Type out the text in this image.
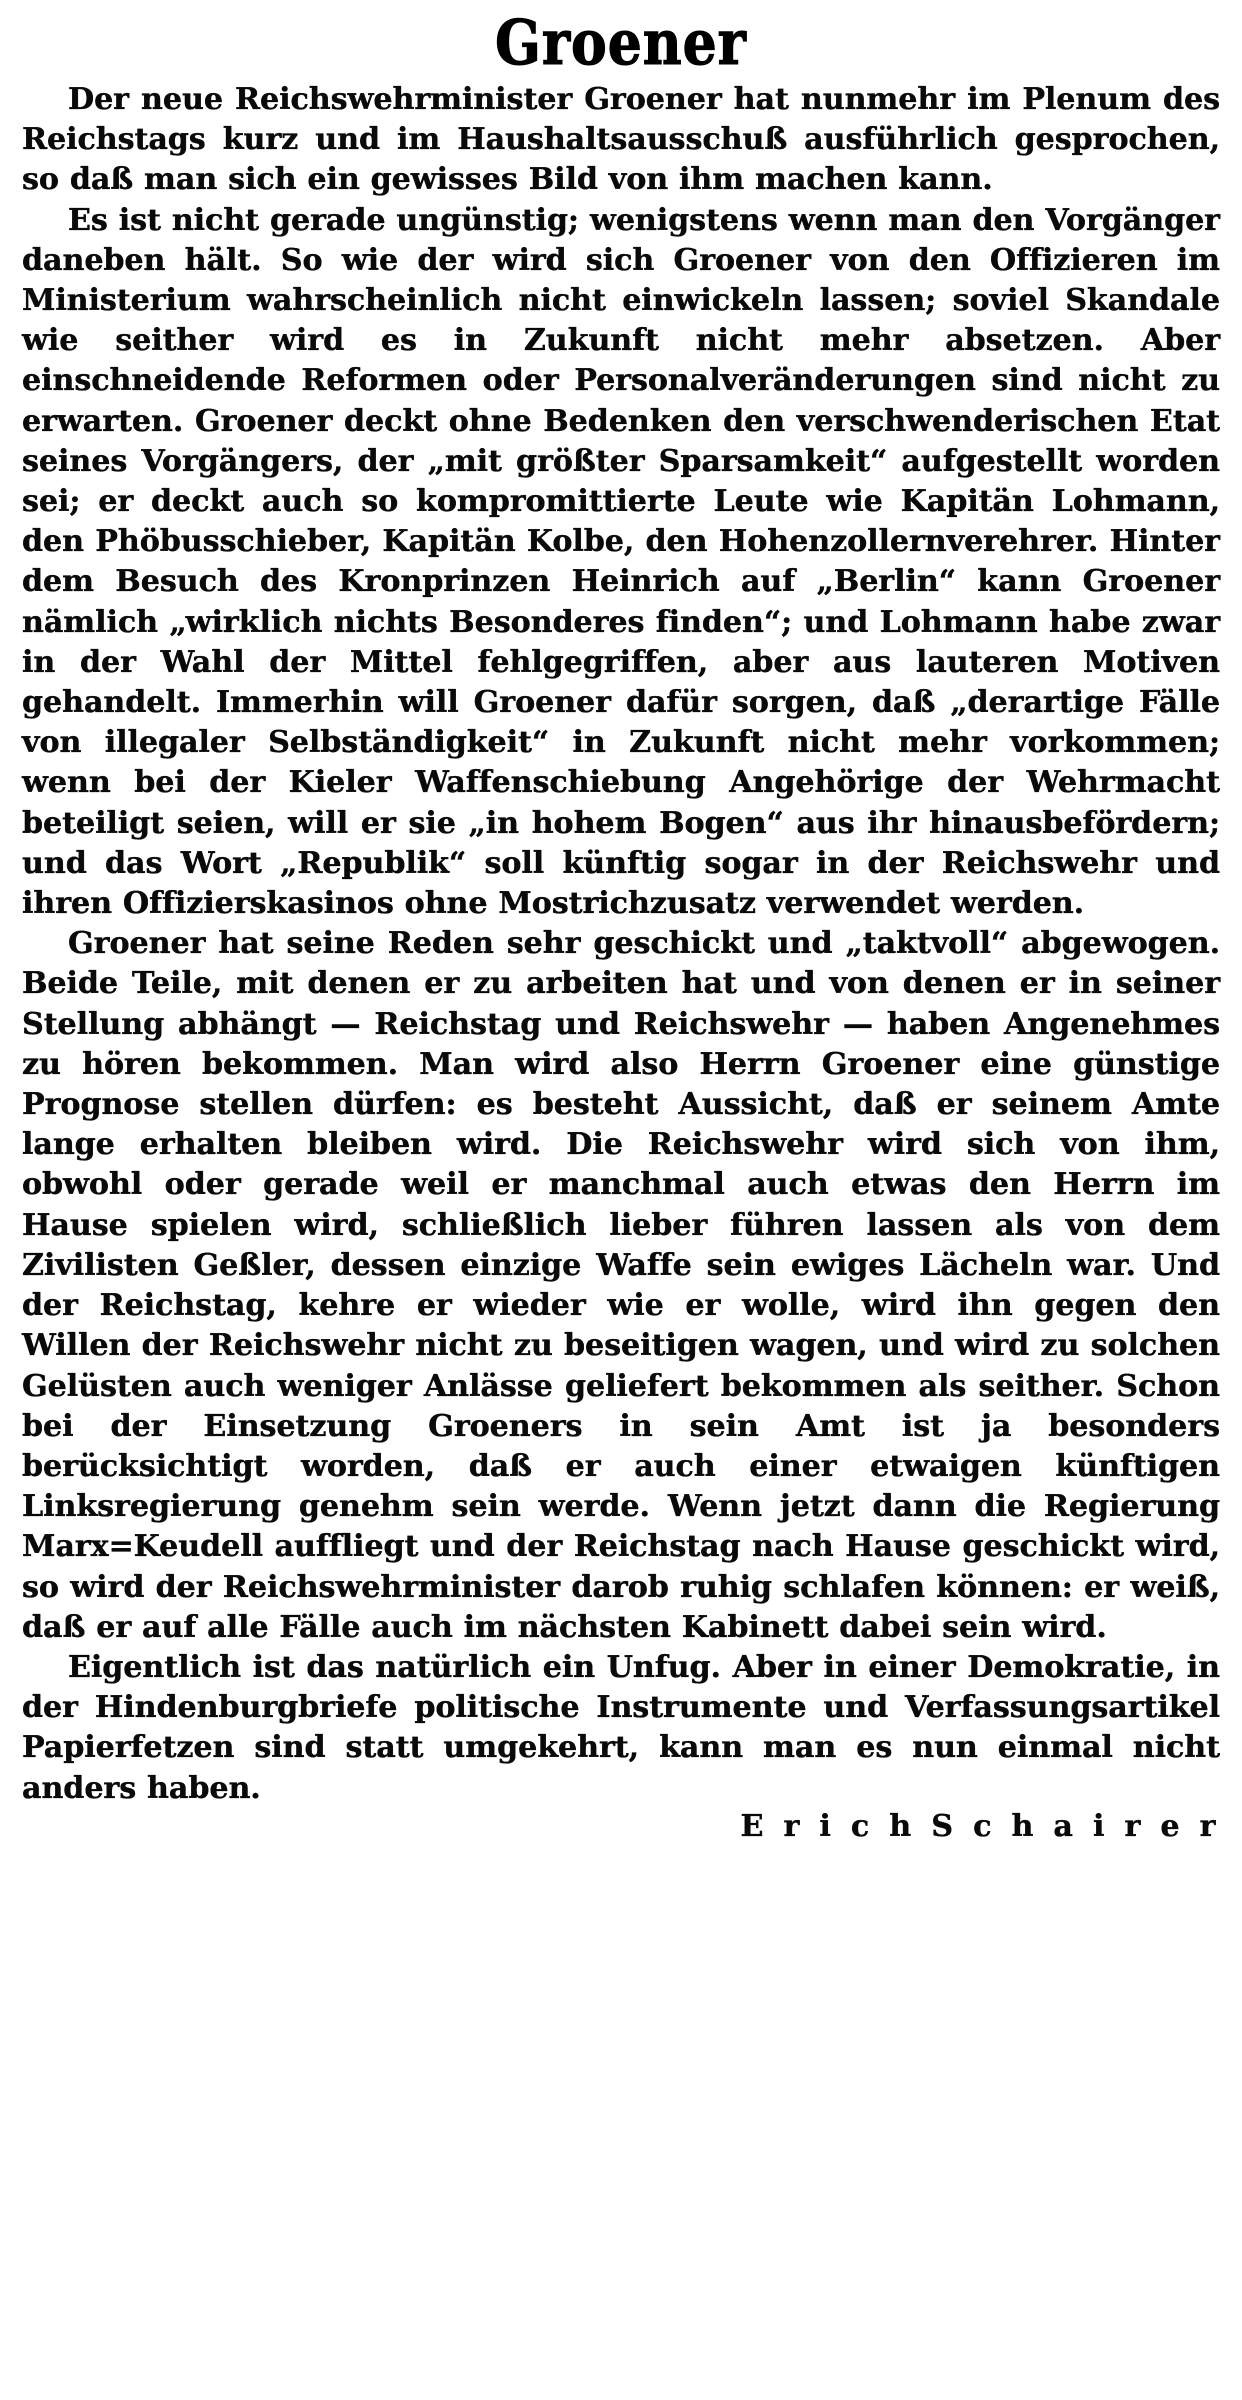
Groener

Der neue Reichswehrminister Groener hat nunmehr im Plenum des Reichstags kurz und im Haushaltsausschuß ausführlich gesprochen, so daß man sich ein gewisses Bild von ihm machen kann.

Es ist nicht gerade ungünstig; wenigstens wenn man den Vorgänger daneben hält. So wie der wird sich Groener von den Offizieren im Ministerium wahrscheinlich nicht einwickeln lassen; soviel Skandale wie seither wird es in Zukunft nicht mehr absetzen. Aber einschneidende Reformen oder Personalveränderungen sind nicht zu erwarten. Groener deckt ohne Bedenken den verschwenderischen Etat seines Vorgängers, der „mit größter Sparsamkeit“ aufgestellt worden sei; er deckt auch so kompromittierte Leute wie Kapitän Lohmann, den Phöbusschieber, Kapitän Kolbe, den Hohenzollernverehrer. Hinter dem Besuch des Kronprinzen Heinrich auf „Berlin“ kann Groener nämlich „wirklich nichts Besonderes finden“; und Lohmann habe zwar in der Wahl der Mittel fehlgegriffen, aber aus lauteren Motiven gehandelt. Immerhin will Groener dafür sorgen, daß „derartige Fälle von illegaler Selbständigkeit“ in Zukunft nicht mehr vorkommen; wenn bei der Kieler Waffenschiebung Angehörige der Wehrmacht beteiligt seien, will er sie „in hohem Bogen“ aus ihr hinausbefördern; und das Wort „Republik“ soll künftig sogar in der Reichswehr und ihren Offizierskasinos ohne Mostrichzusatz verwendet werden.

Groener hat seine Reden sehr geschickt und „taktvoll“ abgewogen. Beide Teile, mit denen er zu arbeiten hat und von denen er in seiner Stellung abhängt — Reichstag und Reichswehr — haben Angenehmes zu hören bekommen. Man wird also Herrn Groener eine günstige Prognose stellen dürfen: es besteht Aussicht, daß er seinem Amte lange erhalten bleiben wird. Die Reichswehr wird sich von ihm, obwohl oder gerade weil er manchmal auch etwas den Herrn im Hause spielen wird, schließlich lieber führen lassen als von dem Zivilisten Geßler, dessen einzige Waffe sein ewiges Lächeln war. Und der Reichstag, kehre er wieder wie er wolle, wird ihn gegen den Willen der Reichswehr nicht zu beseitigen wagen, und wird zu solchen Gelüsten auch weniger Anlässe geliefert bekommen als seither. Schon bei der Einsetzung Groeners in sein Amt ist ja besonders berücksichtigt worden, daß er auch einer etwaigen künftigen Linksregierung genehm sein werde. Wenn jetzt dann die Regierung Marx=Keudell auffliegt und der Reichstag nach Hause geschickt wird, so wird der Reichswehrminister darob ruhig schlafen können: er weiß, daß er auf alle Fälle auch im nächsten Kabinett dabei sein wird.

Eigentlich ist das natürlich ein Unfug. Aber in einer Demokratie, in der Hindenburgbriefe politische Instrumente und Verfassungsartikel Papierfetzen sind statt umgekehrt, kann man es nun einmal nicht anders haben.

E r i c h S c h a i r e r
